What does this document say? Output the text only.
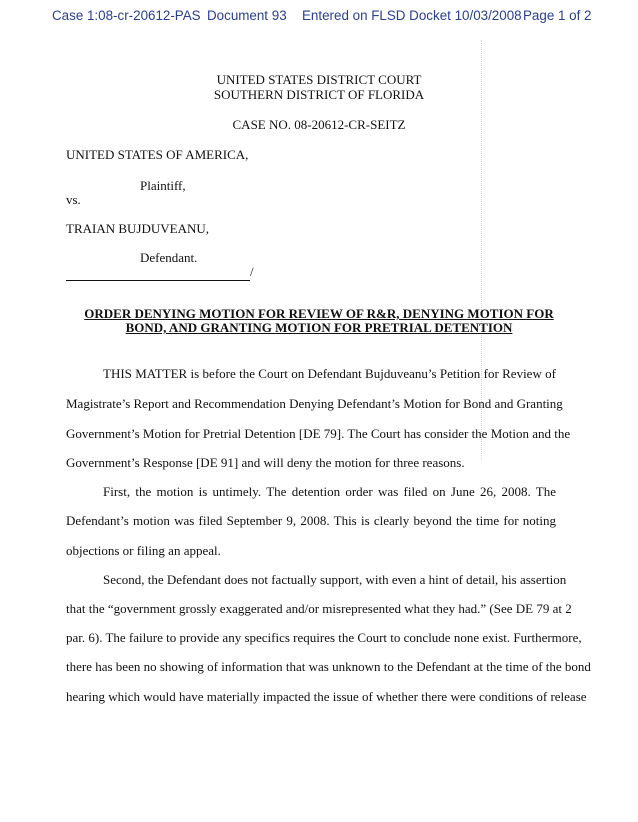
Case 1:08-cr-20612-PAS Document 93 Entered on FLSD Docket 10/03/2008 Page 1 of 2
UNITED STATES DISTRICT COURT
SOUTHERN DISTRICT OF FLORIDA
CASE NO. 08-20612-CR-SEITZ
UNITED STATES OF AMERICA,
Plaintiff,
vs.
TRAIAN BUJDUVEANU,
Defendant.
/
ORDER DENYING MOTION FOR REVIEW OF R&R, DENYING MOTION FOR
BOND, AND GRANTING MOTION FOR PRETRIAL DETENTION
THIS MATTER is before the Court on Defendant Bujduveanu’s Petition for Review of
Magistrate’s Report and Recommendation Denying Defendant’s Motion for Bond and Granting
Government’s Motion for Pretrial Detention [DE 79]. The Court has consider the Motion and the
Government’s Response [DE 91] and will deny the motion for three reasons.
First, the motion is untimely. The detention order was filed on June 26, 2008. The
Defendant’s motion was filed September 9, 2008. This is clearly beyond the time for noting
objections or filing an appeal.
Second, the Defendant does not factually support, with even a hint of detail, his assertion
that the “government grossly exaggerated and/or misrepresented what they had.” (See DE 79 at 2
par. 6). The failure to provide any specifics requires the Court to conclude none exist. Furthermore,
there has been no showing of information that was unknown to the Defendant at the time of the bond
hearing which would have materially impacted the issue of whether there were conditions of release
